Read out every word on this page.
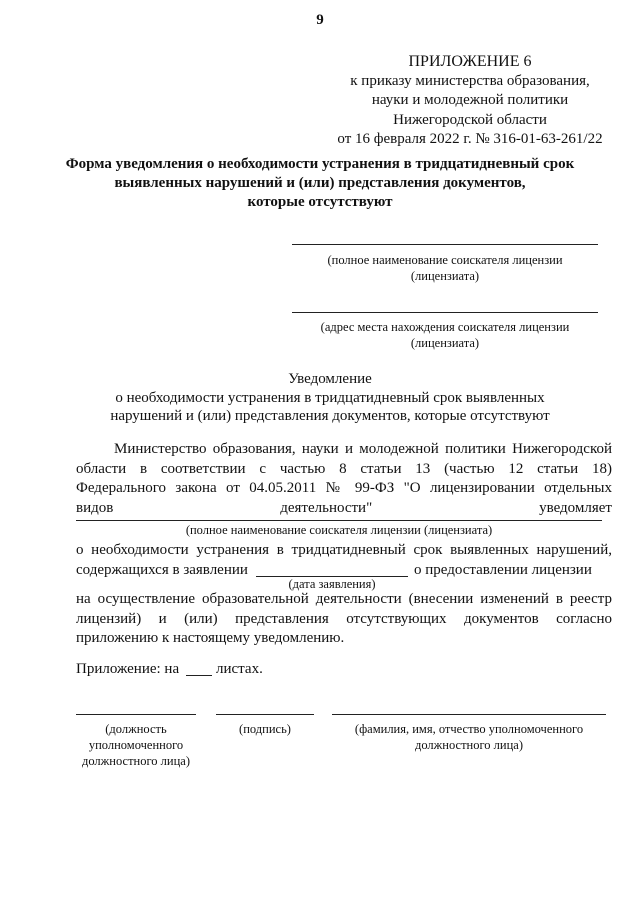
9
ПРИЛОЖЕНИЕ 6
к приказу министерства образования,
науки и молодежной политики
Нижегородской области
от 16 февраля 2022 г. № 316-01-63-261/22
Форма уведомления о необходимости устранения в тридцатидневный срок
выявленных нарушений и (или) представления документов,
которые отсутствуют
(полное наименование соискателя лицензии
(лицензиата)
(адрес места нахождения соискателя лицензии
(лицензиата)
Уведомление
о необходимости устранения в тридцатидневный срок выявленных
нарушений и (или) представления документов, которые отсутствуют
Министерство образования, науки и молодежной политики Нижегородской
области в соответствии с частью 8 статьи 13 (частью 12 статьи 18)
Федерального закона от 04.05.2011 № 99-ФЗ "О лицензировании отдельных
видов деятельности" уведомляет
(полное наименование соискателя лицензии (лицензиата)
о необходимости устранения в тридцатидневный срок выявленных нарушений,
содержащихся в заявлении	о предоставлении лицензии
(дата заявления)
на осуществление образовательной деятельности (внесении изменений в реестр
лицензий) и (или) представления отсутствующих документов согласно
приложению к настоящему уведомлению.
Приложение: на листах.
(должность
уполномоченного
должностного лица)
(подпись)	(фамилия, имя, отчество уполномоченного
должностного лица)
